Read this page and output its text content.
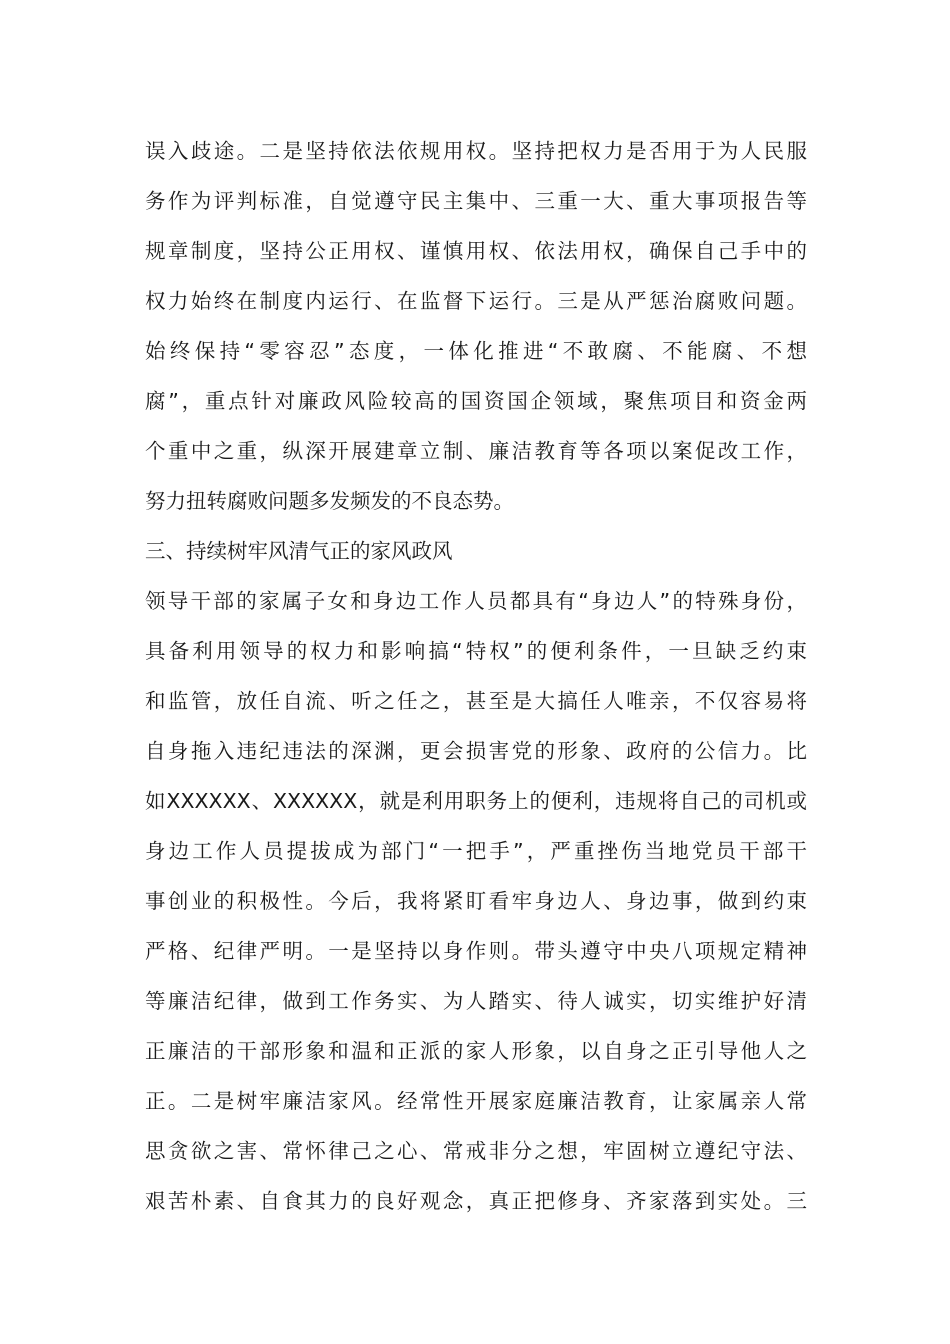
误入歧途。二是坚持依法依规用权。坚持把权力是否用于为人民服
务作为评判标准，自觉遵守民主集中、三重一大、重大事项报告等
规章制度，坚持公正用权、谨慎用权、依法用权，确保自己手中的
权力始终在制度内运行、在监督下运行。三是从严惩治腐败问题。
始终保持“零容忍”态度，一体化推进“不敢腐、不能腐、不想
腐”，重点针对廉政风险较高的国资国企领域，聚焦项目和资金两
个重中之重，纵深开展建章立制、廉洁教育等各项以案促改工作，
努力扭转腐败问题多发频发的不良态势。
三、持续树牢风清气正的家风政风
领导干部的家属子女和身边工作人员都具有“身边人”的特殊身份，
具备利用领导的权力和影响搞“特权”的便利条件，一旦缺乏约束
和监管，放任自流、听之任之，甚至是大搞任人唯亲，不仅容易将
自身拖入违纪违法的深渊，更会损害党的形象、政府的公信力。比
如XXXXXX、XXXXXX，就是利用职务上的便利，违规将自己的司机或
身边工作人员提拔成为部门“一把手”，严重挫伤当地党员干部干
事创业的积极性。今后，我将紧盯看牢身边人、身边事，做到约束
严格、纪律严明。一是坚持以身作则。带头遵守中央八项规定精神
等廉洁纪律，做到工作务实、为人踏实、待人诚实，切实维护好清
正廉洁的干部形象和温和正派的家人形象，以自身之正引导他人之
正。二是树牢廉洁家风。经常性开展家庭廉洁教育，让家属亲人常
思贪欲之害、常怀律己之心、常戒非分之想，牢固树立遵纪守法、
艰苦朴素、自食其力的良好观念，真正把修身、齐家落到实处。三
